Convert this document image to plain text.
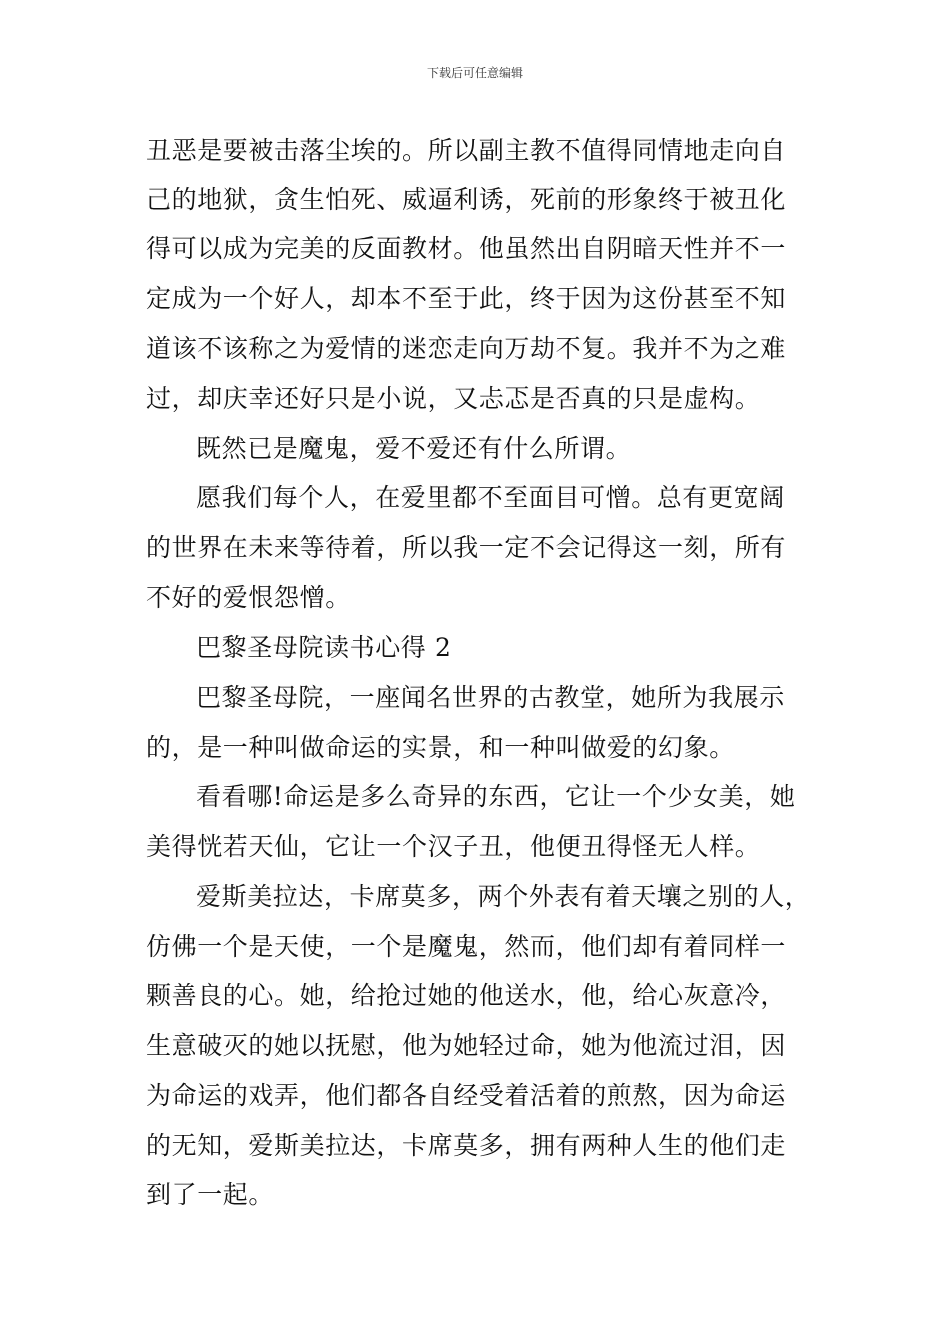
下载后可任意编辑
丑恶是要被击落尘埃的。所以副主教不值得同情地走向自
己的地狱，贪生怕死、威逼利诱，死前的形象终于被丑化
得可以成为完美的反面教材。他虽然出自阴暗天性并不一
定成为一个好人，却本不至于此，终于因为这份甚至不知
道该不该称之为爱情的迷恋走向万劫不复。我并不为之难
过，却庆幸还好只是小说，又忐忑是否真的只是虚构。
既然已是魔鬼，爱不爱还有什么所谓。
愿我们每个人，在爱里都不至面目可憎。总有更宽阔
的世界在未来等待着，所以我一定不会记得这一刻，所有
不好的爱恨怨憎。
巴黎圣母院读书心得 2
巴黎圣母院，一座闻名世界的古教堂，她所为我展示
的，是一种叫做命运的实景，和一种叫做爱的幻象。
看看哪!命运是多么奇异的东西，它让一个少女美，她
美得恍若天仙，它让一个汉子丑，他便丑得怪无人样。
爱斯美拉达，卡席莫多，两个外表有着天壤之别的人，
仿佛一个是天使，一个是魔鬼，然而，他们却有着同样一
颗善良的心。她，给抢过她的他送水，他，给心灰意冷，
生意破灭的她以抚慰，他为她轻过命，她为他流过泪，因
为命运的戏弄，他们都各自经受着活着的煎熬，因为命运
的无知，爱斯美拉达，卡席莫多，拥有两种人生的他们走
到了一起。
